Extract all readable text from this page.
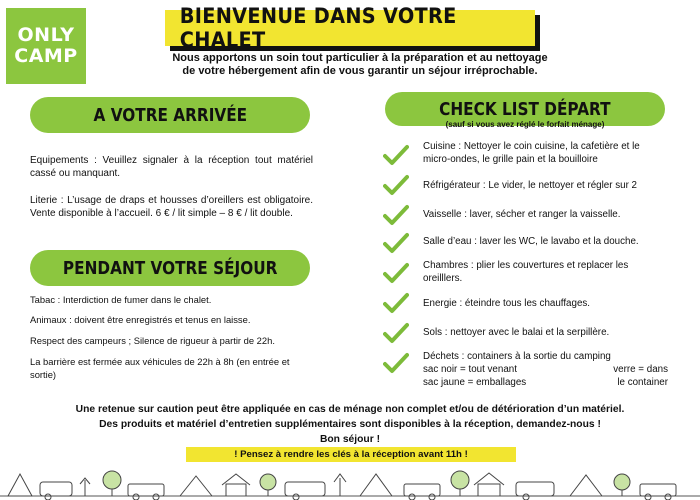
ONLY
CAMP
BIENVENUE DANS VOTRE CHALET
Nous apportons un soin tout particulier à la préparation et au nettoyage
de votre hébergement afin de vous garantir un séjour irréprochable.
A VOTRE ARRIVÉE
Equipements : Veuillez signaler à la réception tout matériel cassé ou manquant.
Literie : L’usage de draps et housses d’oreillers est obligatoire. Vente disponible à l’accueil. 6 € / lit simple – 8 € / lit double.
PENDANT VOTRE SÉJOUR
Tabac : Interdiction de fumer dans le chalet.
Animaux : doivent être enregistrés et tenus en laisse.
Respect des campeurs ; Silence de rigueur à partir de 22h.
La barrière est fermée aux véhicules de 22h à 8h (en entrée et sortie)
CHECK LIST DÉPART
(sauf si vous avez réglé le forfait ménage)
Cuisine : Nettoyer le coin cuisine, la cafetière et le micro-ondes, le grille pain et la bouilloire
Réfrigérateur : Le vider, le nettoyer et régler sur 2
Vaisselle : laver, sécher et ranger la vaisselle.
Salle d’eau : laver les WC, le lavabo et la douche.
Chambres : plier les couvertures et replacer les oreilllers.
Energie : éteindre tous les chauffages.
Sols : nettoyer avec le balai et la serpillère.
Déchets : containers à la sortie du camping
sac noir = tout venant	verre = dans
sac jaune = emballages	le container
Une retenue sur caution peut être appliquée en cas de ménage non complet et/ou de détérioration d’un matériel.
Des produits et matériel d’entretien supplémentaires sont disponibles à la réception, demandez-nous !
Bon séjour !
! Pensez à rendre les clés à la réception avant 11h !
